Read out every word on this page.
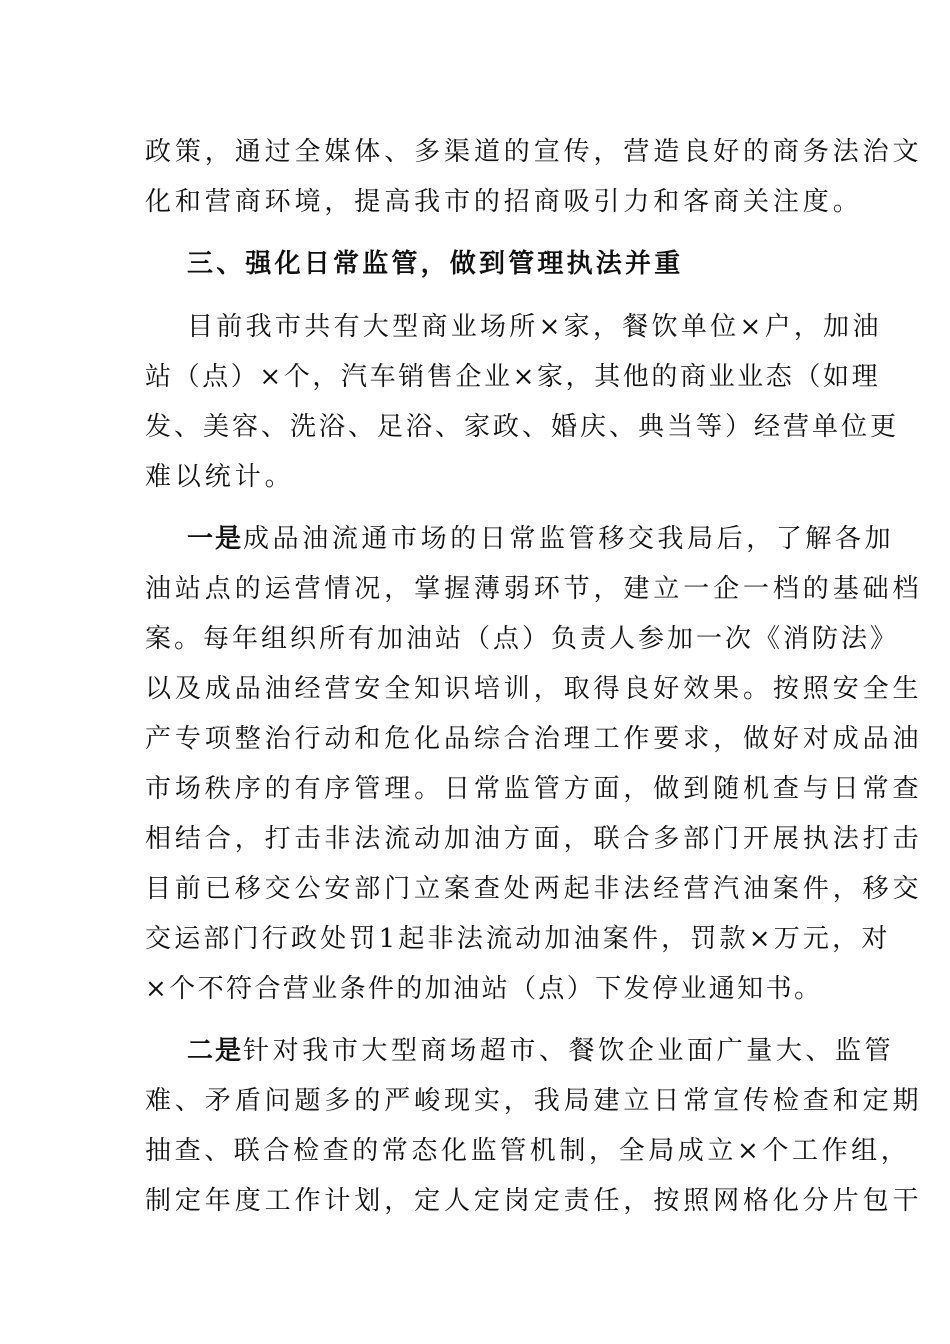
政策，通过全媒体、多渠道的宣传，营造良好的商务法治文
化和营商环境，提高我市的招商吸引力和客商关注度。
三、强化日常监管，做到管理执法并重
目前我市共有大型商业场所×家，餐饮单位×户，加油
站（点）×个，汽车销售企业×家，其他的商业业态（如理
发、美容、洗浴、足浴、家政、婚庆、典当等）经营单位更
难以统计。
一是成品油流通市场的日常监管移交我局后，了解各加
油站点的运营情况，掌握薄弱环节，建立一企一档的基础档
案。每年组织所有加油站（点）负责人参加一次《消防法》
以及成品油经营安全知识培训，取得良好效果。按照安全生
产专项整治行动和危化品综合治理工作要求，做好对成品油
市场秩序的有序管理。日常监管方面，做到随机查与日常查
相结合，打击非法流动加油方面，联合多部门开展执法打击
目前已移交公安部门立案查处两起非法经营汽油案件，移交
交运部门行政处罚1起非法流动加油案件，罚款×万元，对
×个不符合营业条件的加油站（点）下发停业通知书。
二是针对我市大型商场超市、餐饮企业面广量大、监管
难、矛盾问题多的严峻现实，我局建立日常宣传检查和定期
抽查、联合检查的常态化监管机制，全局成立×个工作组，
制定年度工作计划，定人定岗定责任，按照网格化分片包干
